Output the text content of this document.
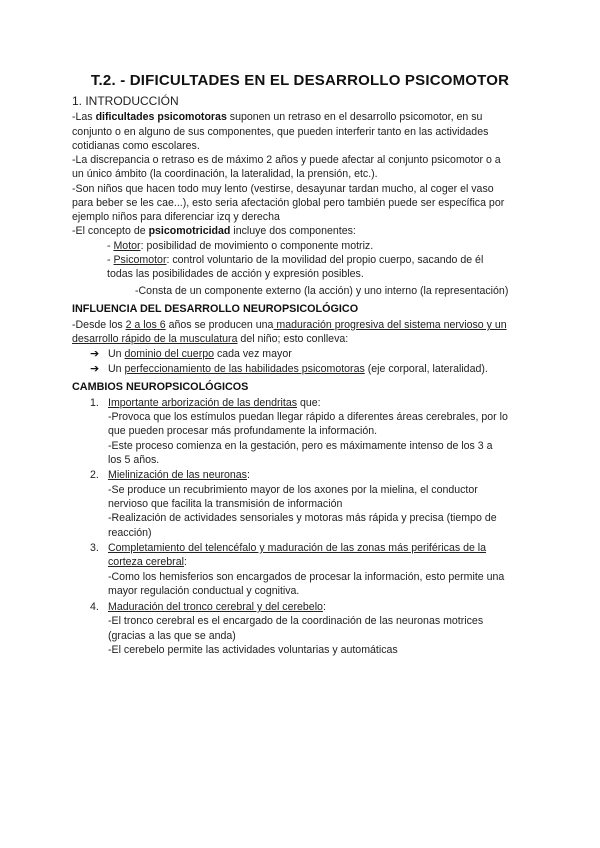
T.2. - DIFICULTADES EN EL DESARROLLO PSICOMOTOR
1. INTRODUCCIÓN
-Las dificultades psicomotoras suponen un retraso en el desarrollo psicomotor, en su
conjunto o en alguno de sus componentes, que pueden interferir tanto en las actividades
cotidianas como escolares.
-La discrepancia o retraso es de máximo 2 años y puede afectar al conjunto psicomotor o a
un único ámbito (la coordinación, la lateralidad, la prensión, etc.).
-Son niños que hacen todo muy lento (vestirse, desayunar tardan mucho, al coger el vaso
para beber se les cae...), esto seria afectación global pero también puede ser específica por
ejemplo niños para diferenciar izq y derecha
-El concepto de psicomotricidad incluye dos componentes:
- Motor: posibilidad de movimiento o componente motriz.
- Psicomotor: control voluntario de la movilidad del propio cuerpo, sacando de él
todas las posibilidades de acción y expresión posibles.
-Consta de un componente externo (la acción) y uno interno (la representación)
INFLUENCIA DEL DESARROLLO NEUROPSICOLÓGICO
-Desde los 2 a los 6 años se producen una maduración progresiva del sistema nervioso y un
desarrollo rápido de la musculatura del niño; esto conlleva:
➔ Un dominio del cuerpo cada vez mayor
➔ Un perfeccionamiento de las habilidades psicomotoras (eje corporal, lateralidad).
CAMBIOS NEUROPSICOLÓGICOS
1. Importante arborización de las dendritas que:
-Provoca que los estímulos puedan llegar rápido a diferentes áreas cerebrales, por lo
que pueden procesar más profundamente la información.
-Este proceso comienza en la gestación, pero es máximamente intenso de los 3 a
los 5 años.
2. Mielinización de las neuronas:
-Se produce un recubrimiento mayor de los axones por la mielina, el conductor
nervioso que facilita la transmisión de información
-Realización de actividades sensoriales y motoras más rápida y precisa (tiempo de
reacción)
3. Completamiento del telencéfalo y maduración de las zonas más periféricas de la
corteza cerebral:
-Como los hemisferios son encargados de procesar la información, esto permite una
mayor regulación conductual y cognitiva.
4. Maduración del tronco cerebral y del cerebelo:
-El tronco cerebral es el encargado de la coordinación de las neuronas motrices
(gracias a las que se anda)
-El cerebelo permite las actividades voluntarias y automáticas
